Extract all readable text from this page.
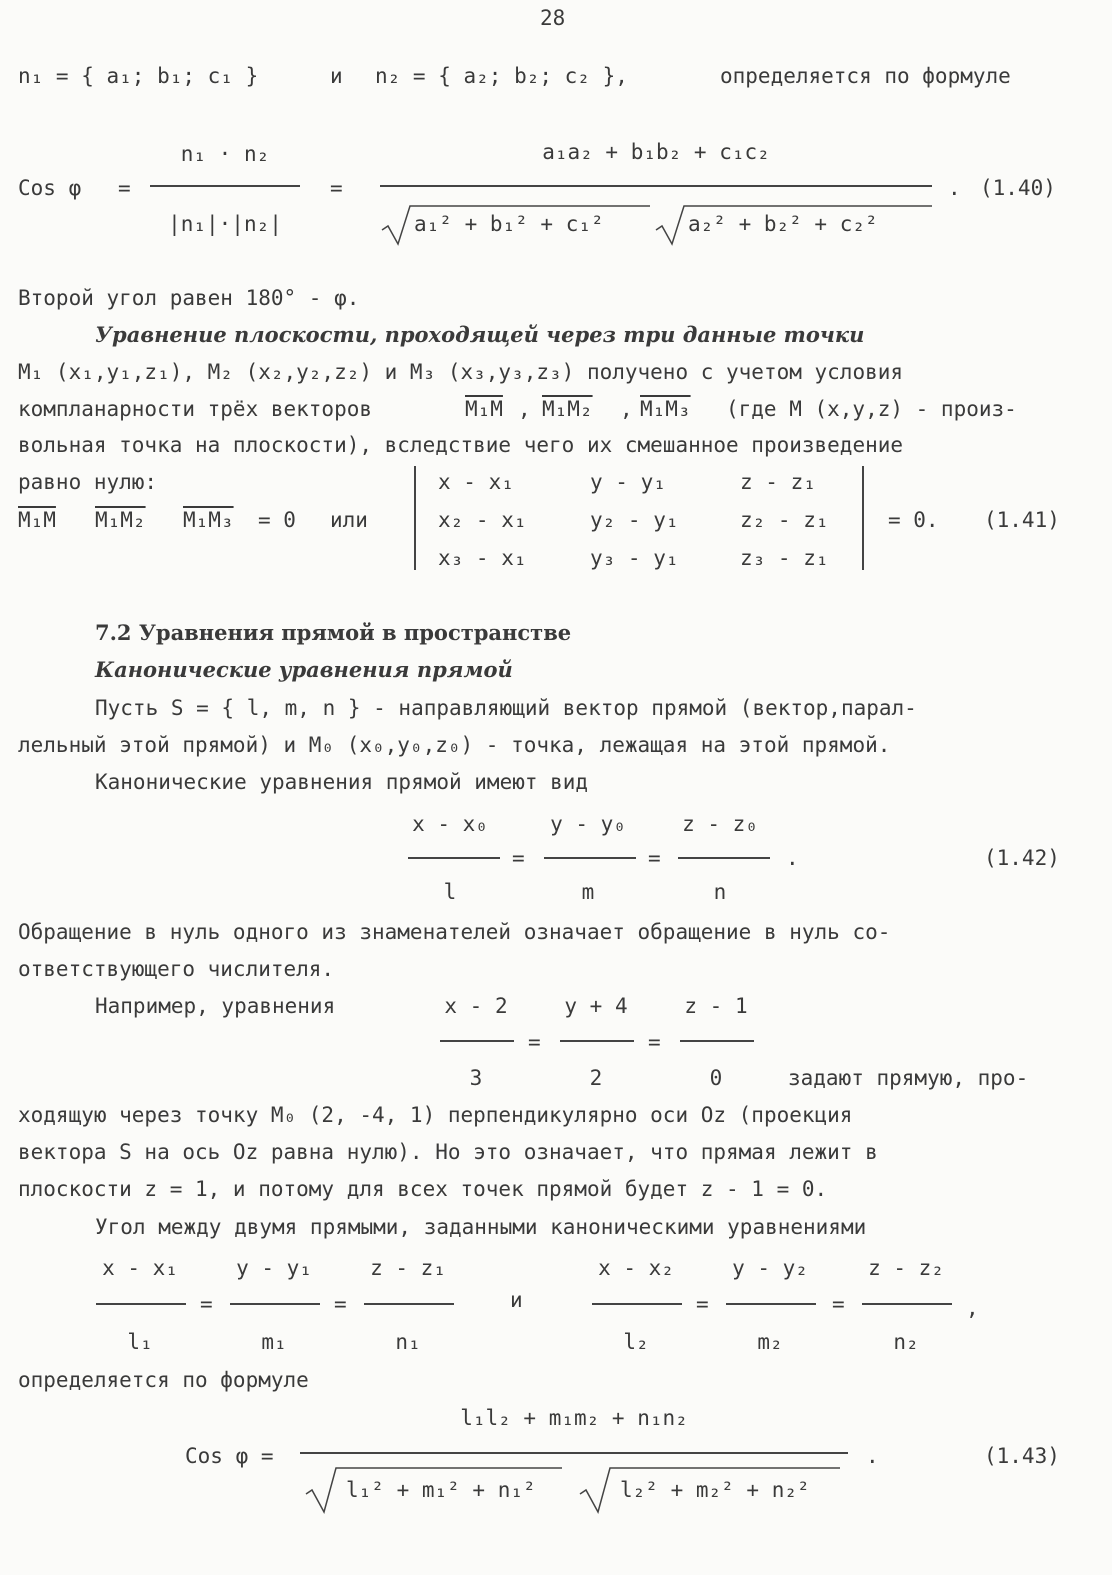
28
n₁ = { a₁; b₁; c₁ }	и n₂ = { a₂; b₂; c₂ },	определяется по формуле
Cos φ =
n₁ · n₂
|n₁|·|n₂|
=
a₁a₂ + b₁b₂ + c₁c₂
a₁² + b₁² + c₁²	a₂² + b₂² + c₂²
. (1.40)
Второй угол равен 180° - φ.
Уравнение плоскости, проходящей через три данные точки
M₁ (x₁,y₁,z₁), M₂ (x₂,y₂,z₂) и M₃ (x₃,y₃,z₃) получено с учетом условия
компланарности трёх векторов	M₁M , M₁M₂ , M₁M₃ (где M (x,y,z) - произ-
вольная точка на плоскости), вследствие чего их смешанное произведение
равно нулю:
M₁M M₁M₂ M₁M₃ = 0 или
x - x₁	y - y₁	z - z₁
x₂ - x₁	y₂ - y₁	z₂ - z₁
x₃ - x₁	y₃ - y₁	z₃ - z₁
= 0. (1.41)
7.2 Уравнения прямой в пространстве
Канонические уравнения прямой
Пусть S = { l, m, n } - направляющий вектор прямой (вектор,парал-
лельный этой прямой) и M₀ (x₀,y₀,z₀) - точка, лежащая на этой прямой.
Канонические уравнения прямой имеют вид
x - x₀
l
=
y - y₀
m
=
z - z₀
n
.	(1.42)
Обращение в нуль одного из знаменателей означает обращение в нуль со-
ответствующего числителя.
Например, уравнения	x - 2
3
=
y + 4
2
=
z - 1
0	задают прямую, про-
ходящую через точку M₀ (2, -4, 1) перпендикулярно оси Oz (проекция
вектора S на ось Oz равна нулю). Но это означает, что прямая лежит в
плоскости z = 1, и потому для всех точек прямой будет z - 1 = 0.
Угол между двумя прямыми, заданными каноническими уравнениями
x - x₁
l₁
=
y - y₁
m₁
=
z - z₁
n₁
и
x - x₂
l₂
=
y - y₂
m₂
=
z - z₂
n₂
,
определяется по формуле
Cos φ =
l₁l₂ + m₁m₂ + n₁n₂
l₁² + m₁² + n₁²	l₂² + m₂² + n₂²
.	(1.43)
